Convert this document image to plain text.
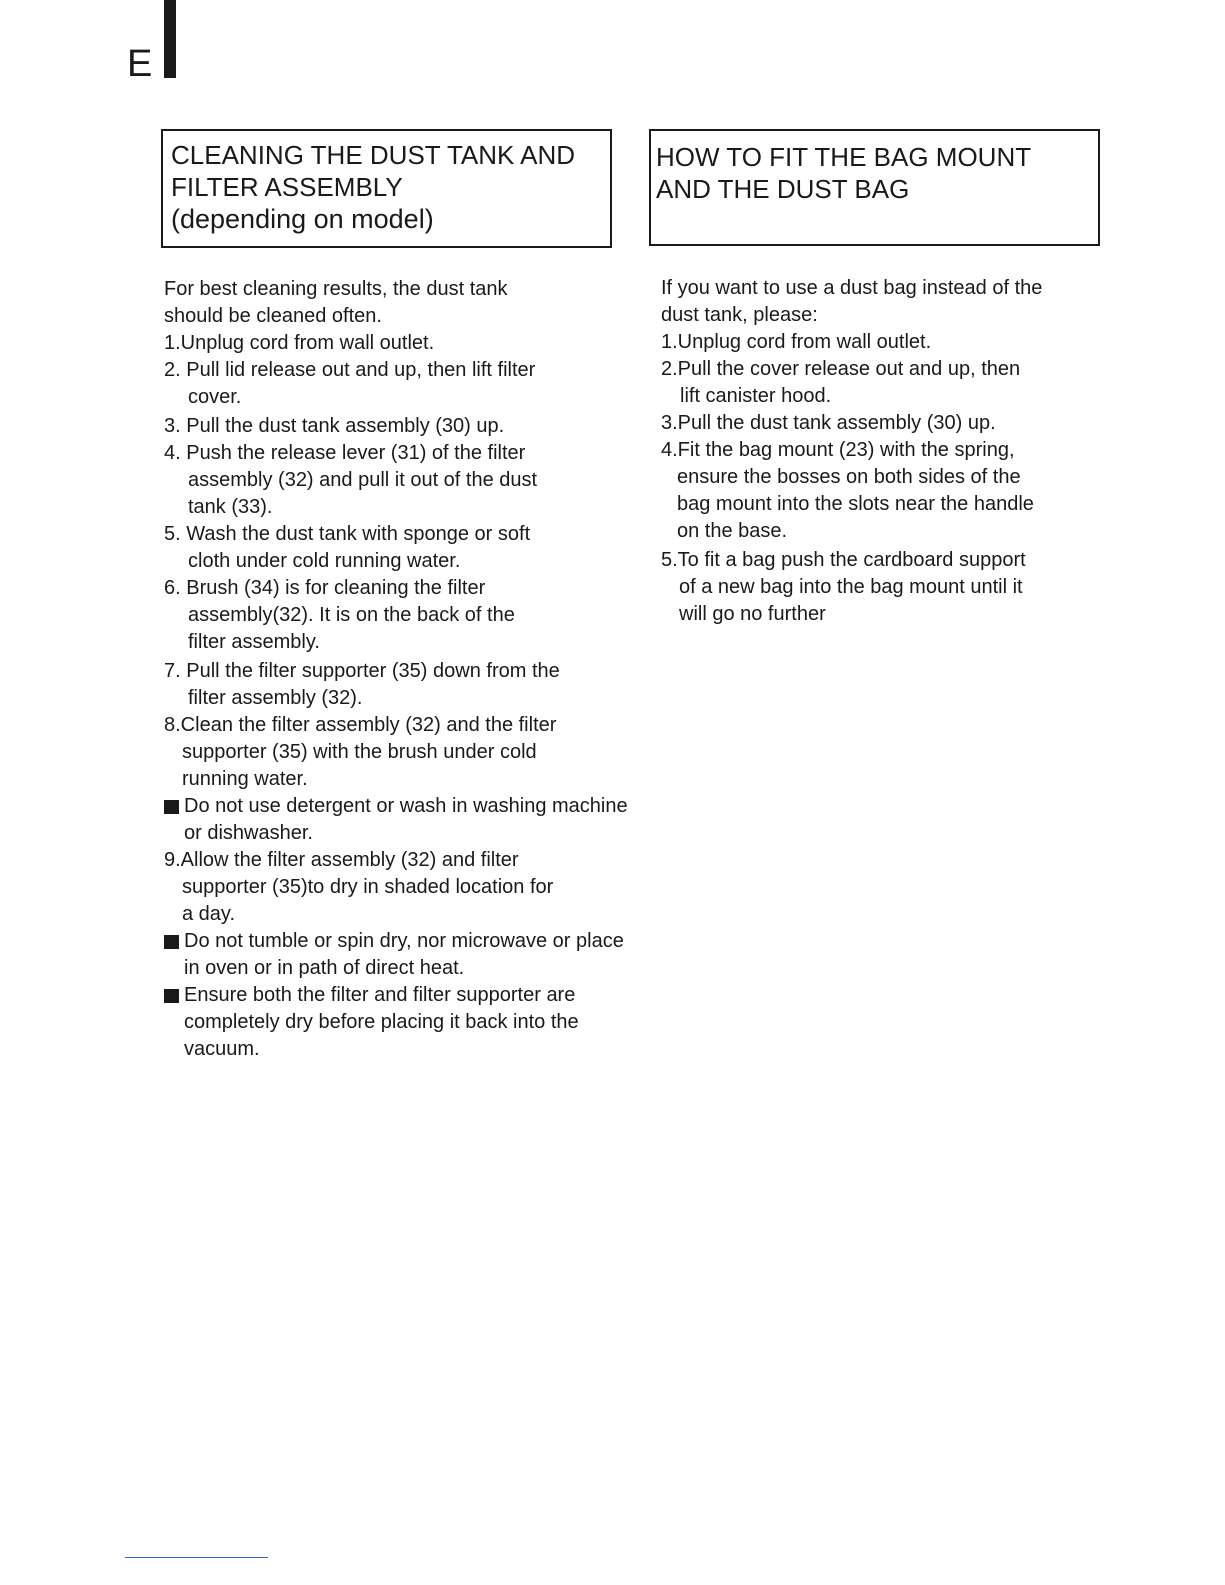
E
CLEANING THE DUST TANK AND
FILTER ASSEMBLY
(depending on model)
HOW TO FIT THE BAG MOUNT
AND THE DUST BAG

For best cleaning results, the dust tank
should be cleaned often.

1.Unplug cord from wall outlet.

2. Pull lid release out and up, then lift filter
cover.

3. Pull the dust tank assembly (30) up.

4. Push the release lever (31) of the filter
assembly (32) and pull it out of the dust
tank (33).

5. Wash the dust tank with sponge or soft
cloth under cold running water.

6. Brush (34) is for cleaning the filter
assembly(32). It is on the back of the
filter assembly.

7. Pull the filter supporter (35) down from the
filter assembly (32).

8.Clean the filter assembly (32) and the filter
supporter (35) with the brush under cold
running water.

Do not use detergent or wash in washing machine or dishwasher.

9.Allow the filter assembly (32) and filter
supporter (35)to dry in shaded location for
a day.

Do not tumble or spin dry, nor microwave or place in oven or in path of direct heat.

Ensure both the filter and filter supporter are completely dry before placing it back into the vacuum.

If you want to use a dust bag instead of the dust tank, please:

1.Unplug cord from wall outlet.

2.Pull the cover release out and up, then
lift canister hood.

3.Pull the dust tank assembly (30) up.

4.Fit the bag mount (23) with the spring,
ensure the bosses on both sides of the
bag mount into the slots near the handle
on the base.

5.To fit a bag push the cardboard support
of a new bag into the bag mount until it
will go no further
